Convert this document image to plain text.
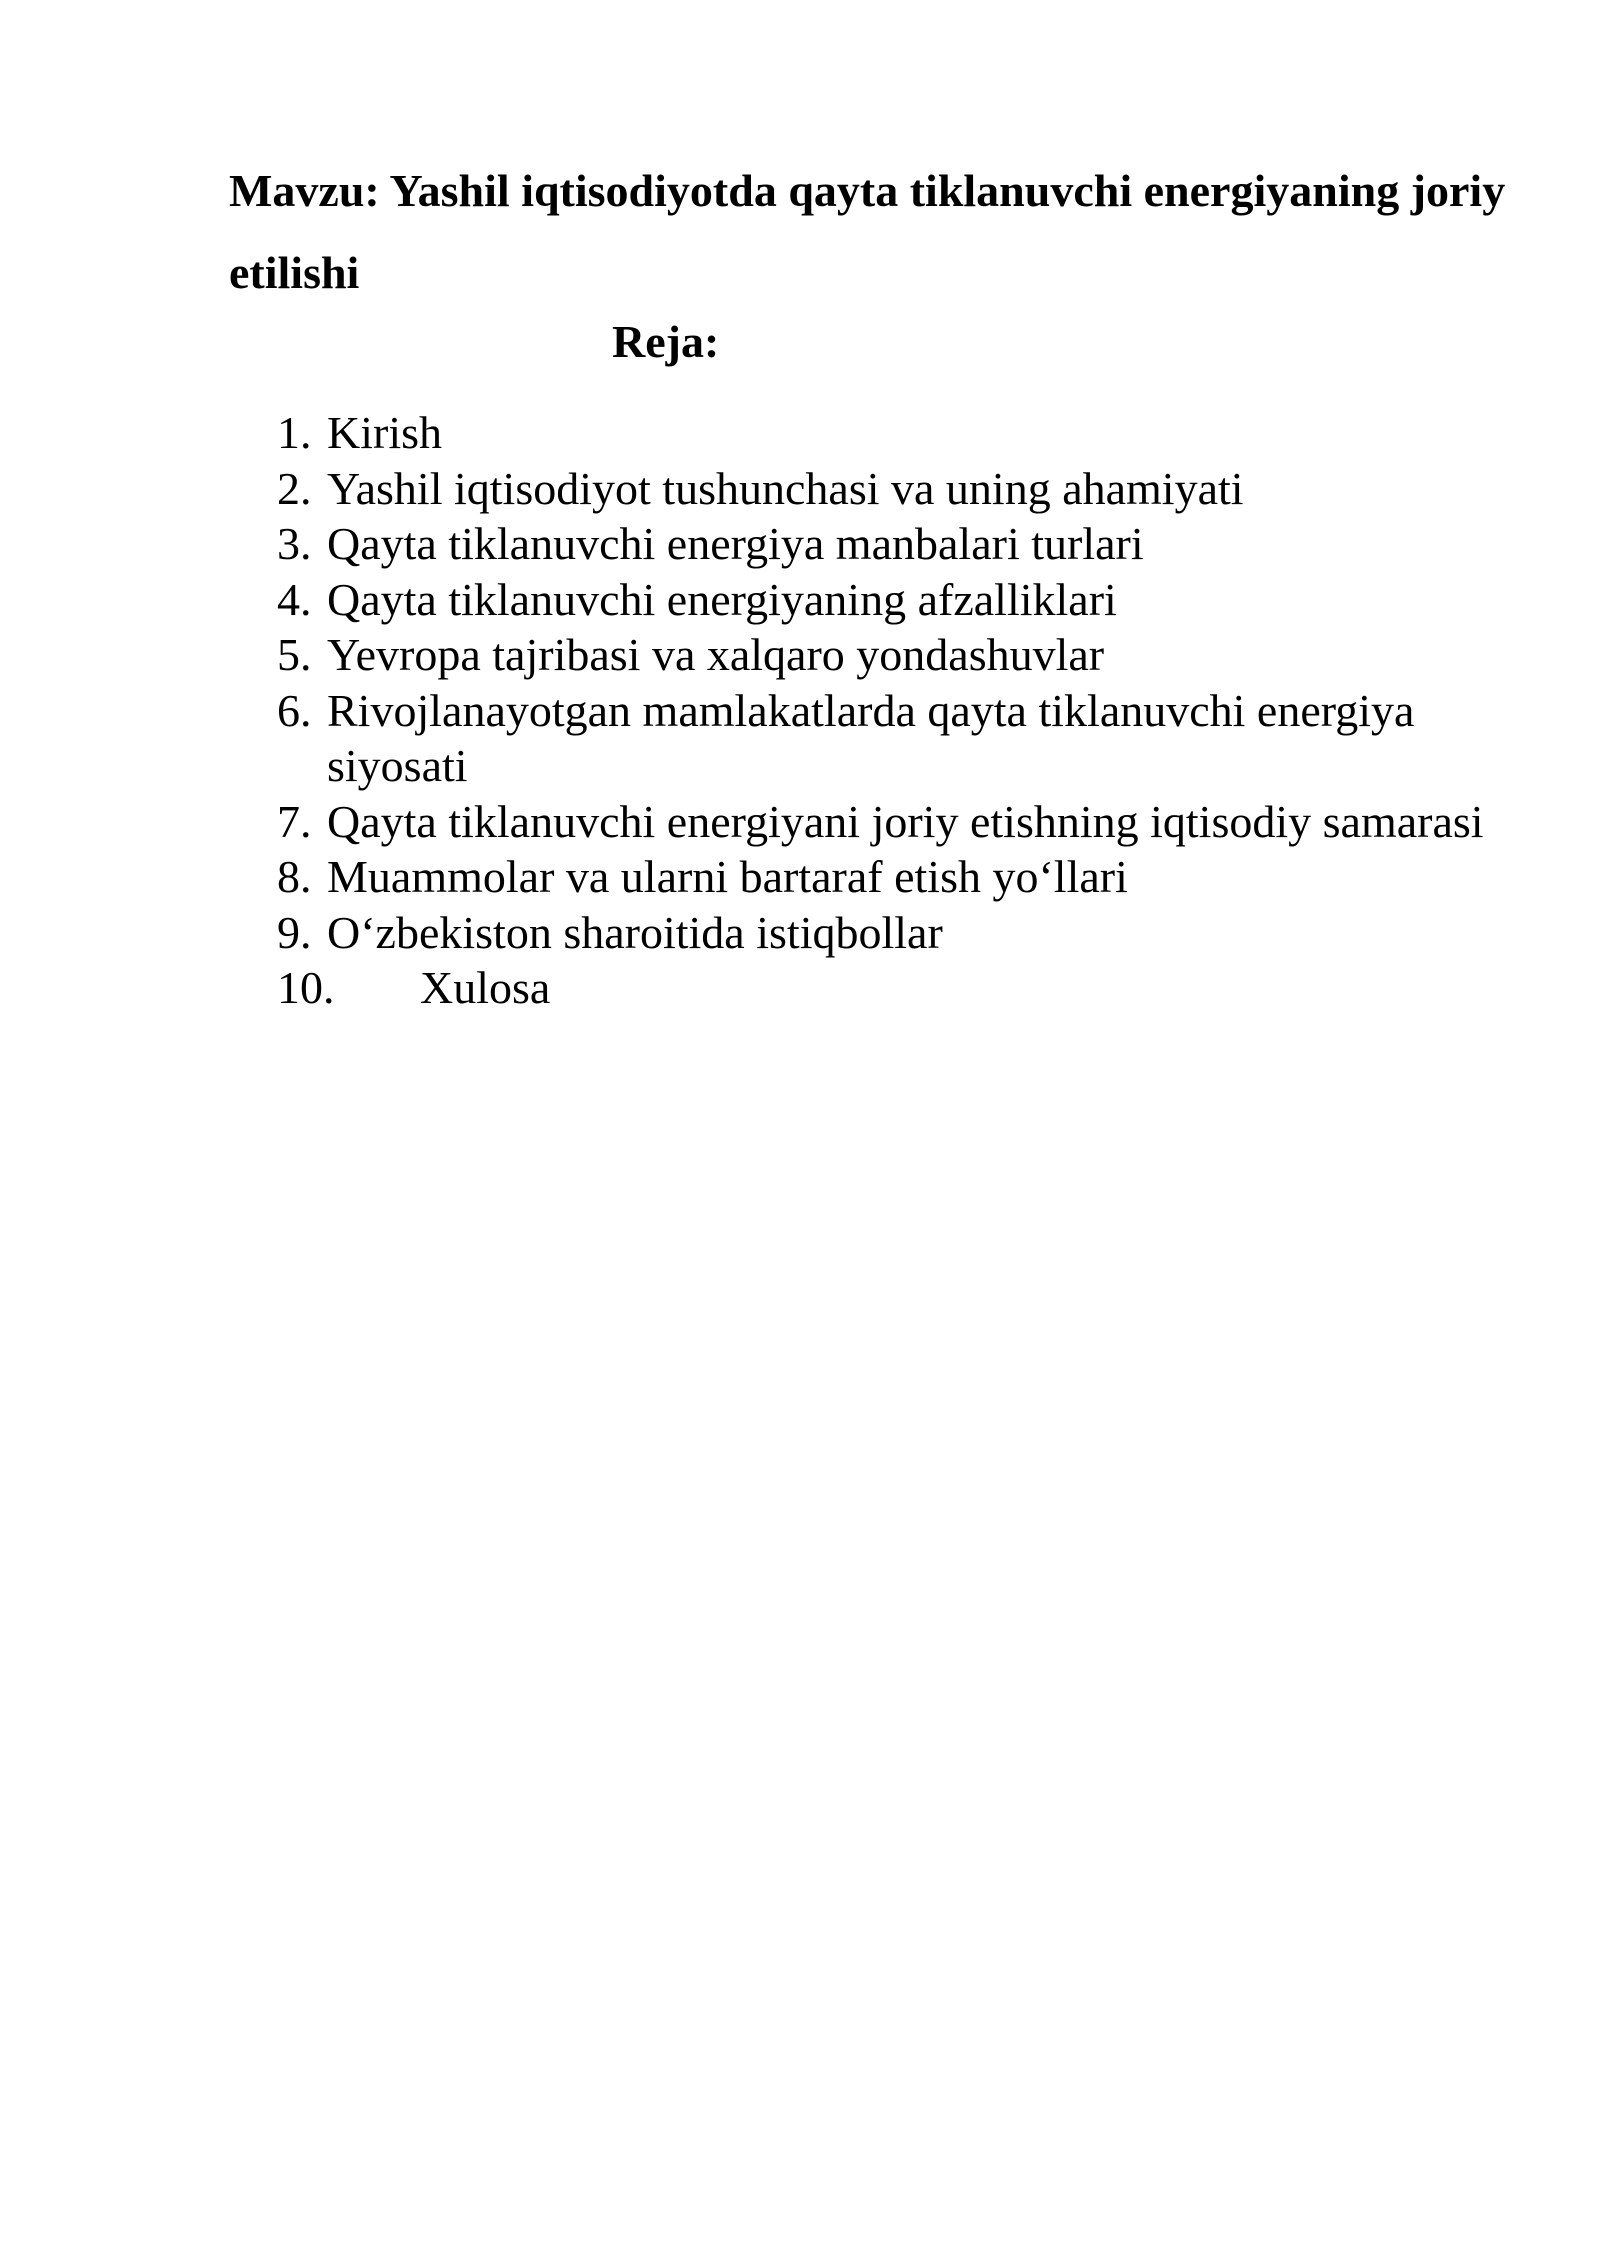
Mavzu: Yashil iqtisodiyotda qayta tiklanuvchi energiyaning joriy etilishi
Reja:
1. Kirish
2. Yashil iqtisodiyot tushunchasi va uning ahamiyati
3. Qayta tiklanuvchi energiya manbalari turlari
4. Qayta tiklanuvchi energiyaning afzalliklari
5. Yevropa tajribasi va xalqaro yondashuvlar
6. Rivojlanayotgan mamlakatlarda qayta tiklanuvchi energiya siyosati
7. Qayta tiklanuvchi energiyani joriy etishning iqtisodiy samarasi
8. Muammolar va ularni bartaraf etish yo‘llari
9. O‘zbekiston sharoitida istiqbollar
10.	Xulosa
